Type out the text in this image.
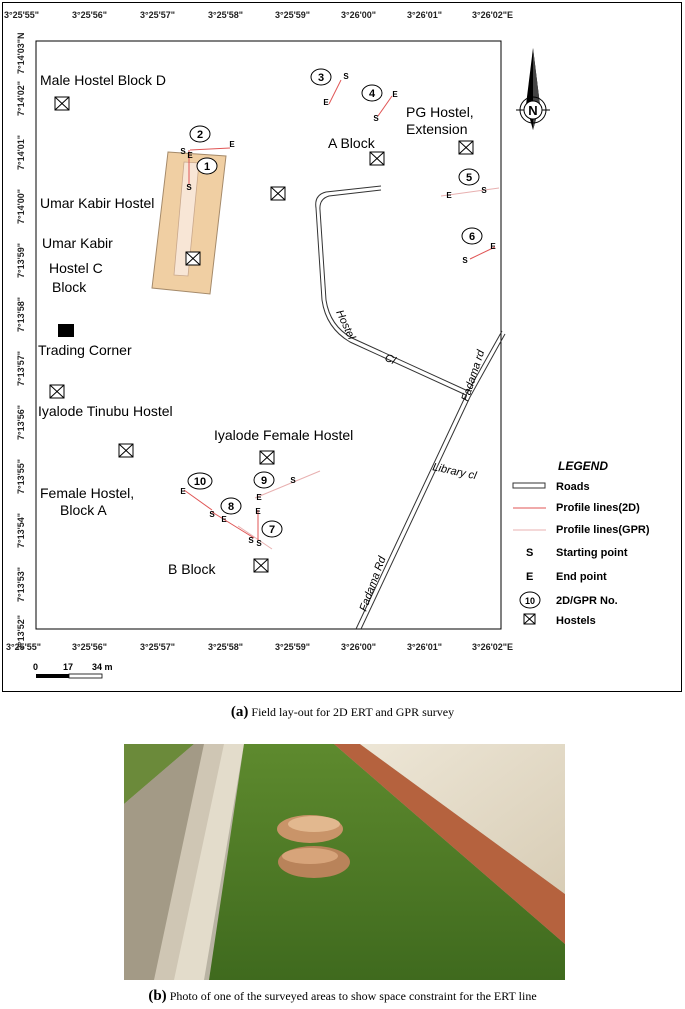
3°25'55"	3°25'56"	3°25'57"	3°25'58"	3°25'59"	3°26'00"	3°26'01"	3°26'02"E
3°25'55"	3°25'56"	3°25'57"	3°25'58"	3°25'59"	3°26'00"	3°26'01"	3°26'02"E
7°14'03"N
7°14'02"
7°14'01"
7°14'00"
7°13'59"
7°13'58"
7°13'57"
7°13'56"
7°13'55"
7°13'54"
7°13'53"
7°13'52"
1
2
3
4
5
6
7
8
9
10
S E
E
S
S
E
S
E
E
S
S
E
E
S
E
S
E
S
E
S
Male Hostel Block D
PG Hostel,
Extension
A Block
Umar Kabir Hostel
Umar Kabir
Hostel C
Block
Trading Corner
Iyalode Tinubu Hostel
Iyalode Female Hostel
Female Hostel,
Block A
B Block
Hostel
Cl	Fadama rd
Library cl
Fadama Rd
N
LEGEND
Roads
Profile lines(2D)
Profile lines(GPR)
S Starting point
E End point
10 2D/GPR No.
Hostels
0	17 34 m
(a) Field lay-out for 2D ERT and GPR survey
(b) Photo of one of the surveyed areas to show space constraint for the ERT line
